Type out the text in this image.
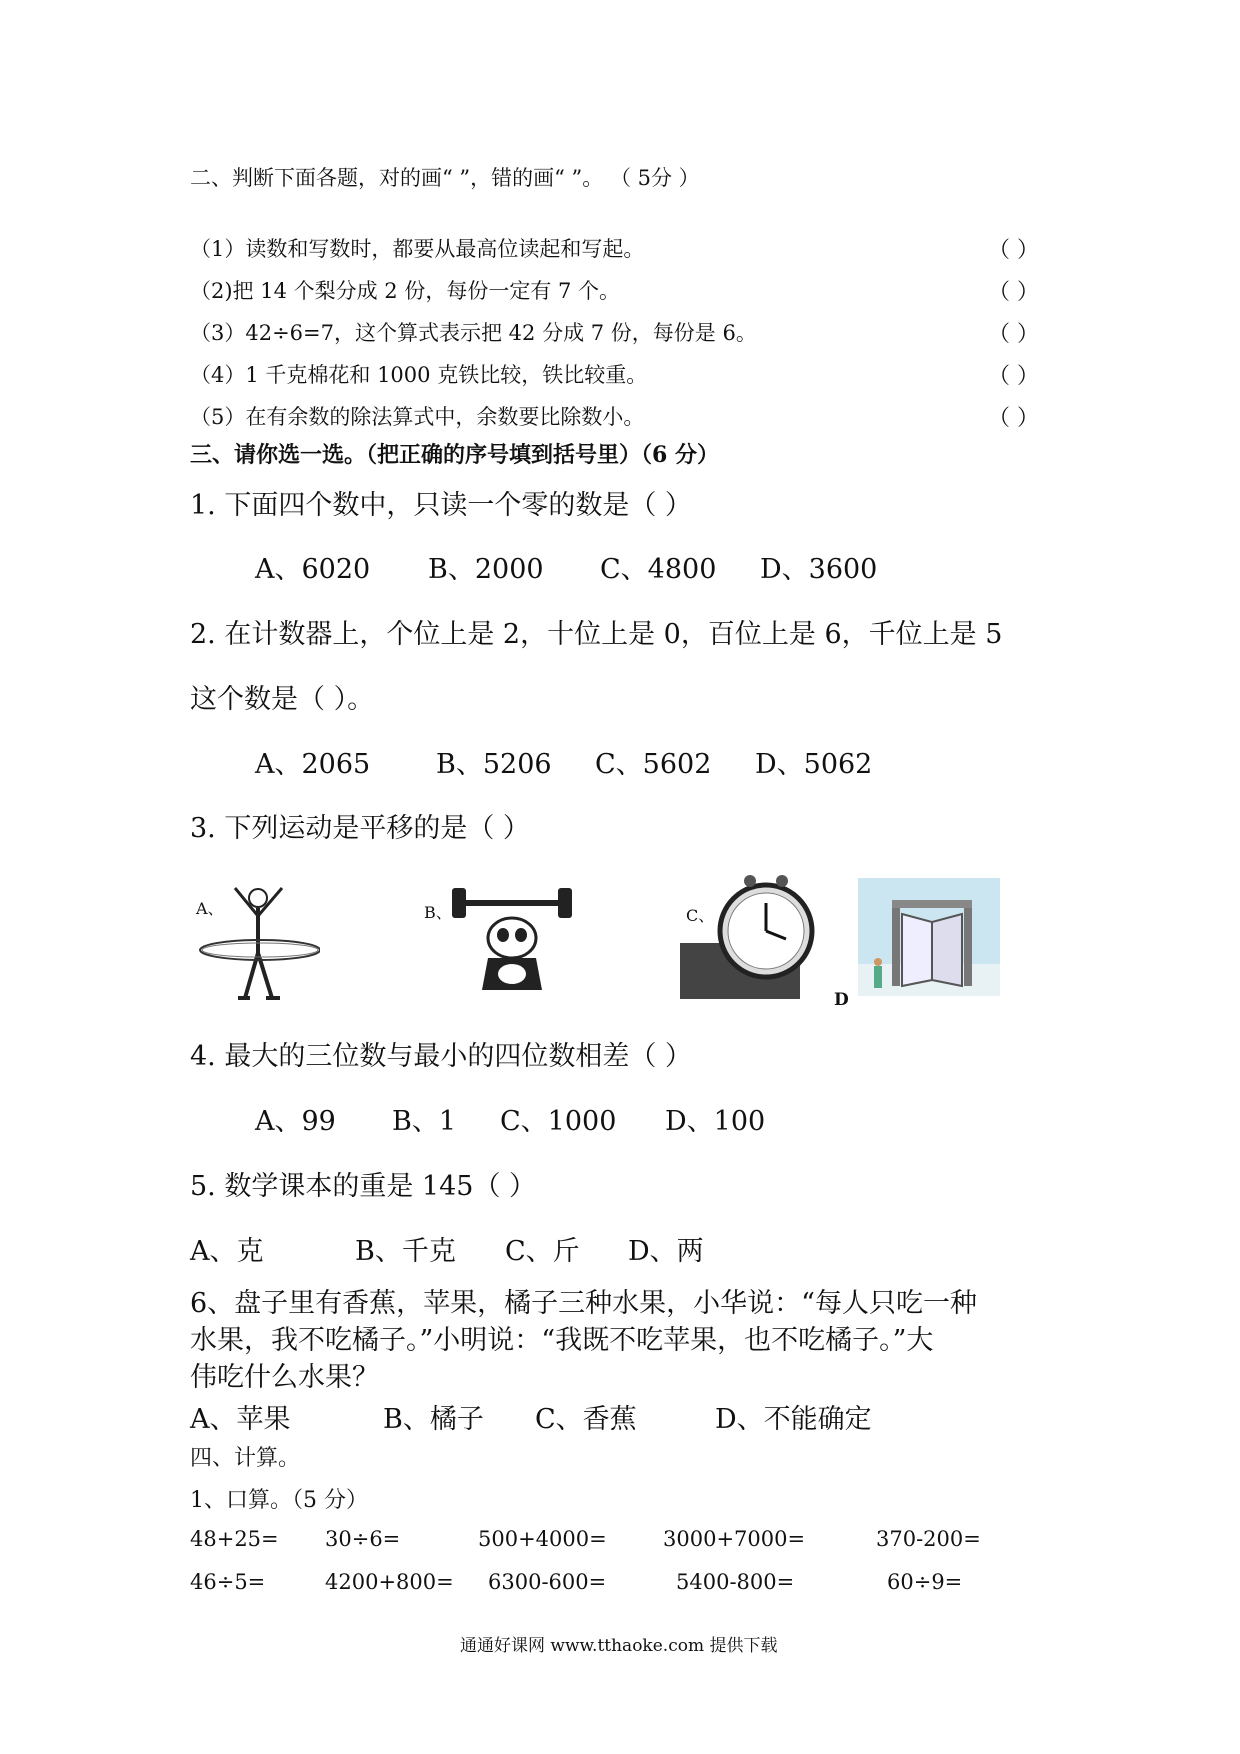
二、判断下面各题，对的画“ ”，错的画“ ”。 （ 5分 ）
（1）读数和写数时，都要从最高位读起和写起。	（ ）
（2)把 14 个梨分成 2 份，每份一定有 7 个。	（ ）
（3）42÷6=7，这个算式表示把 42 分成 7 份，每份是 6。	（ ）
（4）1 千克棉花和 1000 克铁比较，铁比较重。	（ ）
（5）在有余数的除法算式中，余数要比除数小。	（ ）
三、请你选一选。（把正确的序号填到括号里）（6 分）
1. 下面四个数中，只读一个零的数是（ ）
A、6020 B、2000 C、4800 D、3600
2. 在计数器上，个位上是 2，十位上是 0，百位上是 6，千位上是 5
这个数是（ ）。
A、2065 B、5206 C、5602 D、5062
3. 下列运动是平移的是（ ）
A、	B、	C、
D
4. 最大的三位数与最小的四位数相差（ ）
A、99 B、1 C、1000 D、100
5. 数学课本的重是 145（ ）
A、克	B、千克 C、斤 D、两
6、盘子里有香蕉，苹果，橘子三种水果，小华说：“每人只吃一种
水果，我不吃橘子。”小明说：“我既不吃苹果，也不吃橘子。”大
伟吃什么水果？
A、苹果	B、橘子 C、香蕉	D、不能确定
四、计算。
1、口算。（5 分）
48+25= 30÷6=	500+4000=	3000+7000=	370-200=
46÷5=	4200+800= 6300-600=	5400-800=	60÷9=
通通好课网 www.tthaoke.com 提供下载
